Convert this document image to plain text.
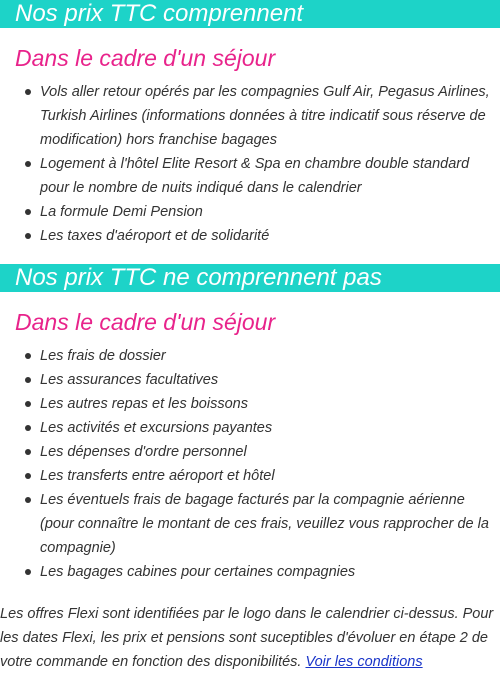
Nos prix TTC comprennent
Dans le cadre d'un séjour
Vols aller retour opérés par les compagnies Gulf Air, Pegasus Airlines, Turkish Airlines (informations données à titre indicatif sous réserve de modification) hors franchise bagages
Logement à l'hôtel Elite Resort & Spa en chambre double standard pour le nombre de nuits indiqué dans le calendrier
La formule Demi Pension
Les taxes d'aéroport et de solidarité
Nos prix TTC ne comprennent pas
Dans le cadre d'un séjour
Les frais de dossier
Les assurances facultatives
Les autres repas et les boissons
Les activités et excursions payantes
Les dépenses d'ordre personnel
Les transferts entre aéroport et hôtel
Les éventuels frais de bagage facturés par la compagnie aérienne (pour connaître le montant de ces frais, veuillez vous rapprocher de la compagnie)
Les bagages cabines pour certaines compagnies

Les offres Flexi sont identifiées par le logo dans le calendrier ci-dessus. Pour les dates Flexi, les prix et pensions sont suceptibles d'évoluer en étape 2 de votre commande en fonction des disponibilités. Voir les conditions
